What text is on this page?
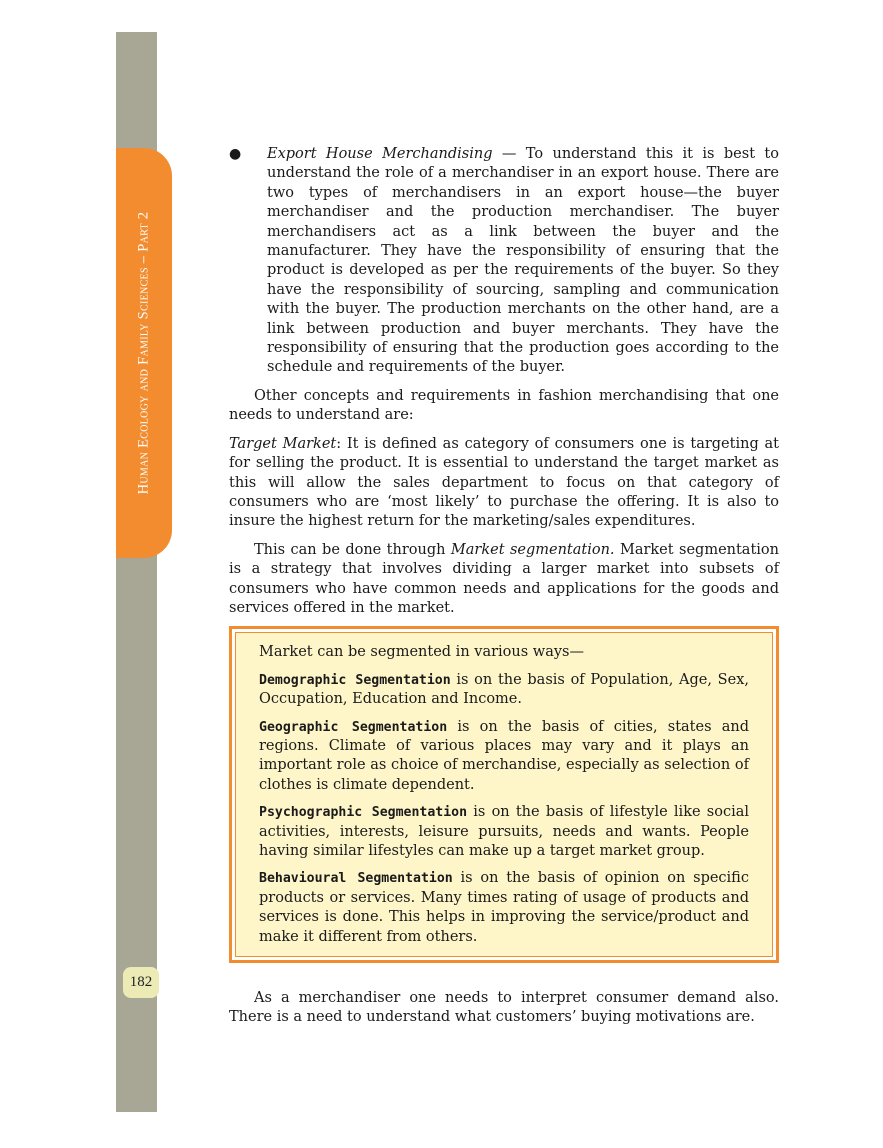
Human Ecology and Family Sciences – Part 2
182
● Export House Merchandising — To understand this it is best to understand the role of a merchandiser in an export house. There are two types of merchandisers in an export house—the buyer merchandiser and the production merchandiser. The buyer merchandisers act as a link between the buyer and the manufacturer. They have the responsibility of ensuring that the product is developed as per the requirements of the buyer. So they have the responsibility of sourcing, sampling and communication with the buyer. The production merchants on the other hand, are a link between production and buyer merchants. They have the responsibility of ensuring that the production goes according to the schedule and requirements of the buyer.

Other concepts and requirements in fashion merchandising that one needs to understand are:

Target Market: It is defined as category of consumers one is targeting at for selling the product. It is essential to understand the target market as this will allow the sales department to focus on that category of consumers who are ‘most likely’ to purchase the offering. It is also to insure the highest return for the marketing/sales expenditures.

This can be done through Market segmentation. Market segmentation is a strategy that involves dividing a larger market into subsets of consumers who have common needs and applications for the goods and services offered in the market.

Market can be segmented in various ways—

Demographic Segmentation is on the basis of Population, Age, Sex, Occupation, Education and Income.

Geographic Segmentation is on the basis of cities, states and regions. Climate of various places may vary and it plays an important role as choice of merchandise, especially as selection of clothes is climate dependent.

Psychographic Segmentation is on the basis of lifestyle like social activities, interests, leisure pursuits, needs and wants. People having similar lifestyles can make up a target market group.

Behavioural Segmentation is on the basis of opinion on specific products or services. Many times rating of usage of products and services is done. This helps in improving the service/product and make it different from others.

As a merchandiser one needs to interpret consumer demand also. There is a need to understand what customers’ buying motivations are.
